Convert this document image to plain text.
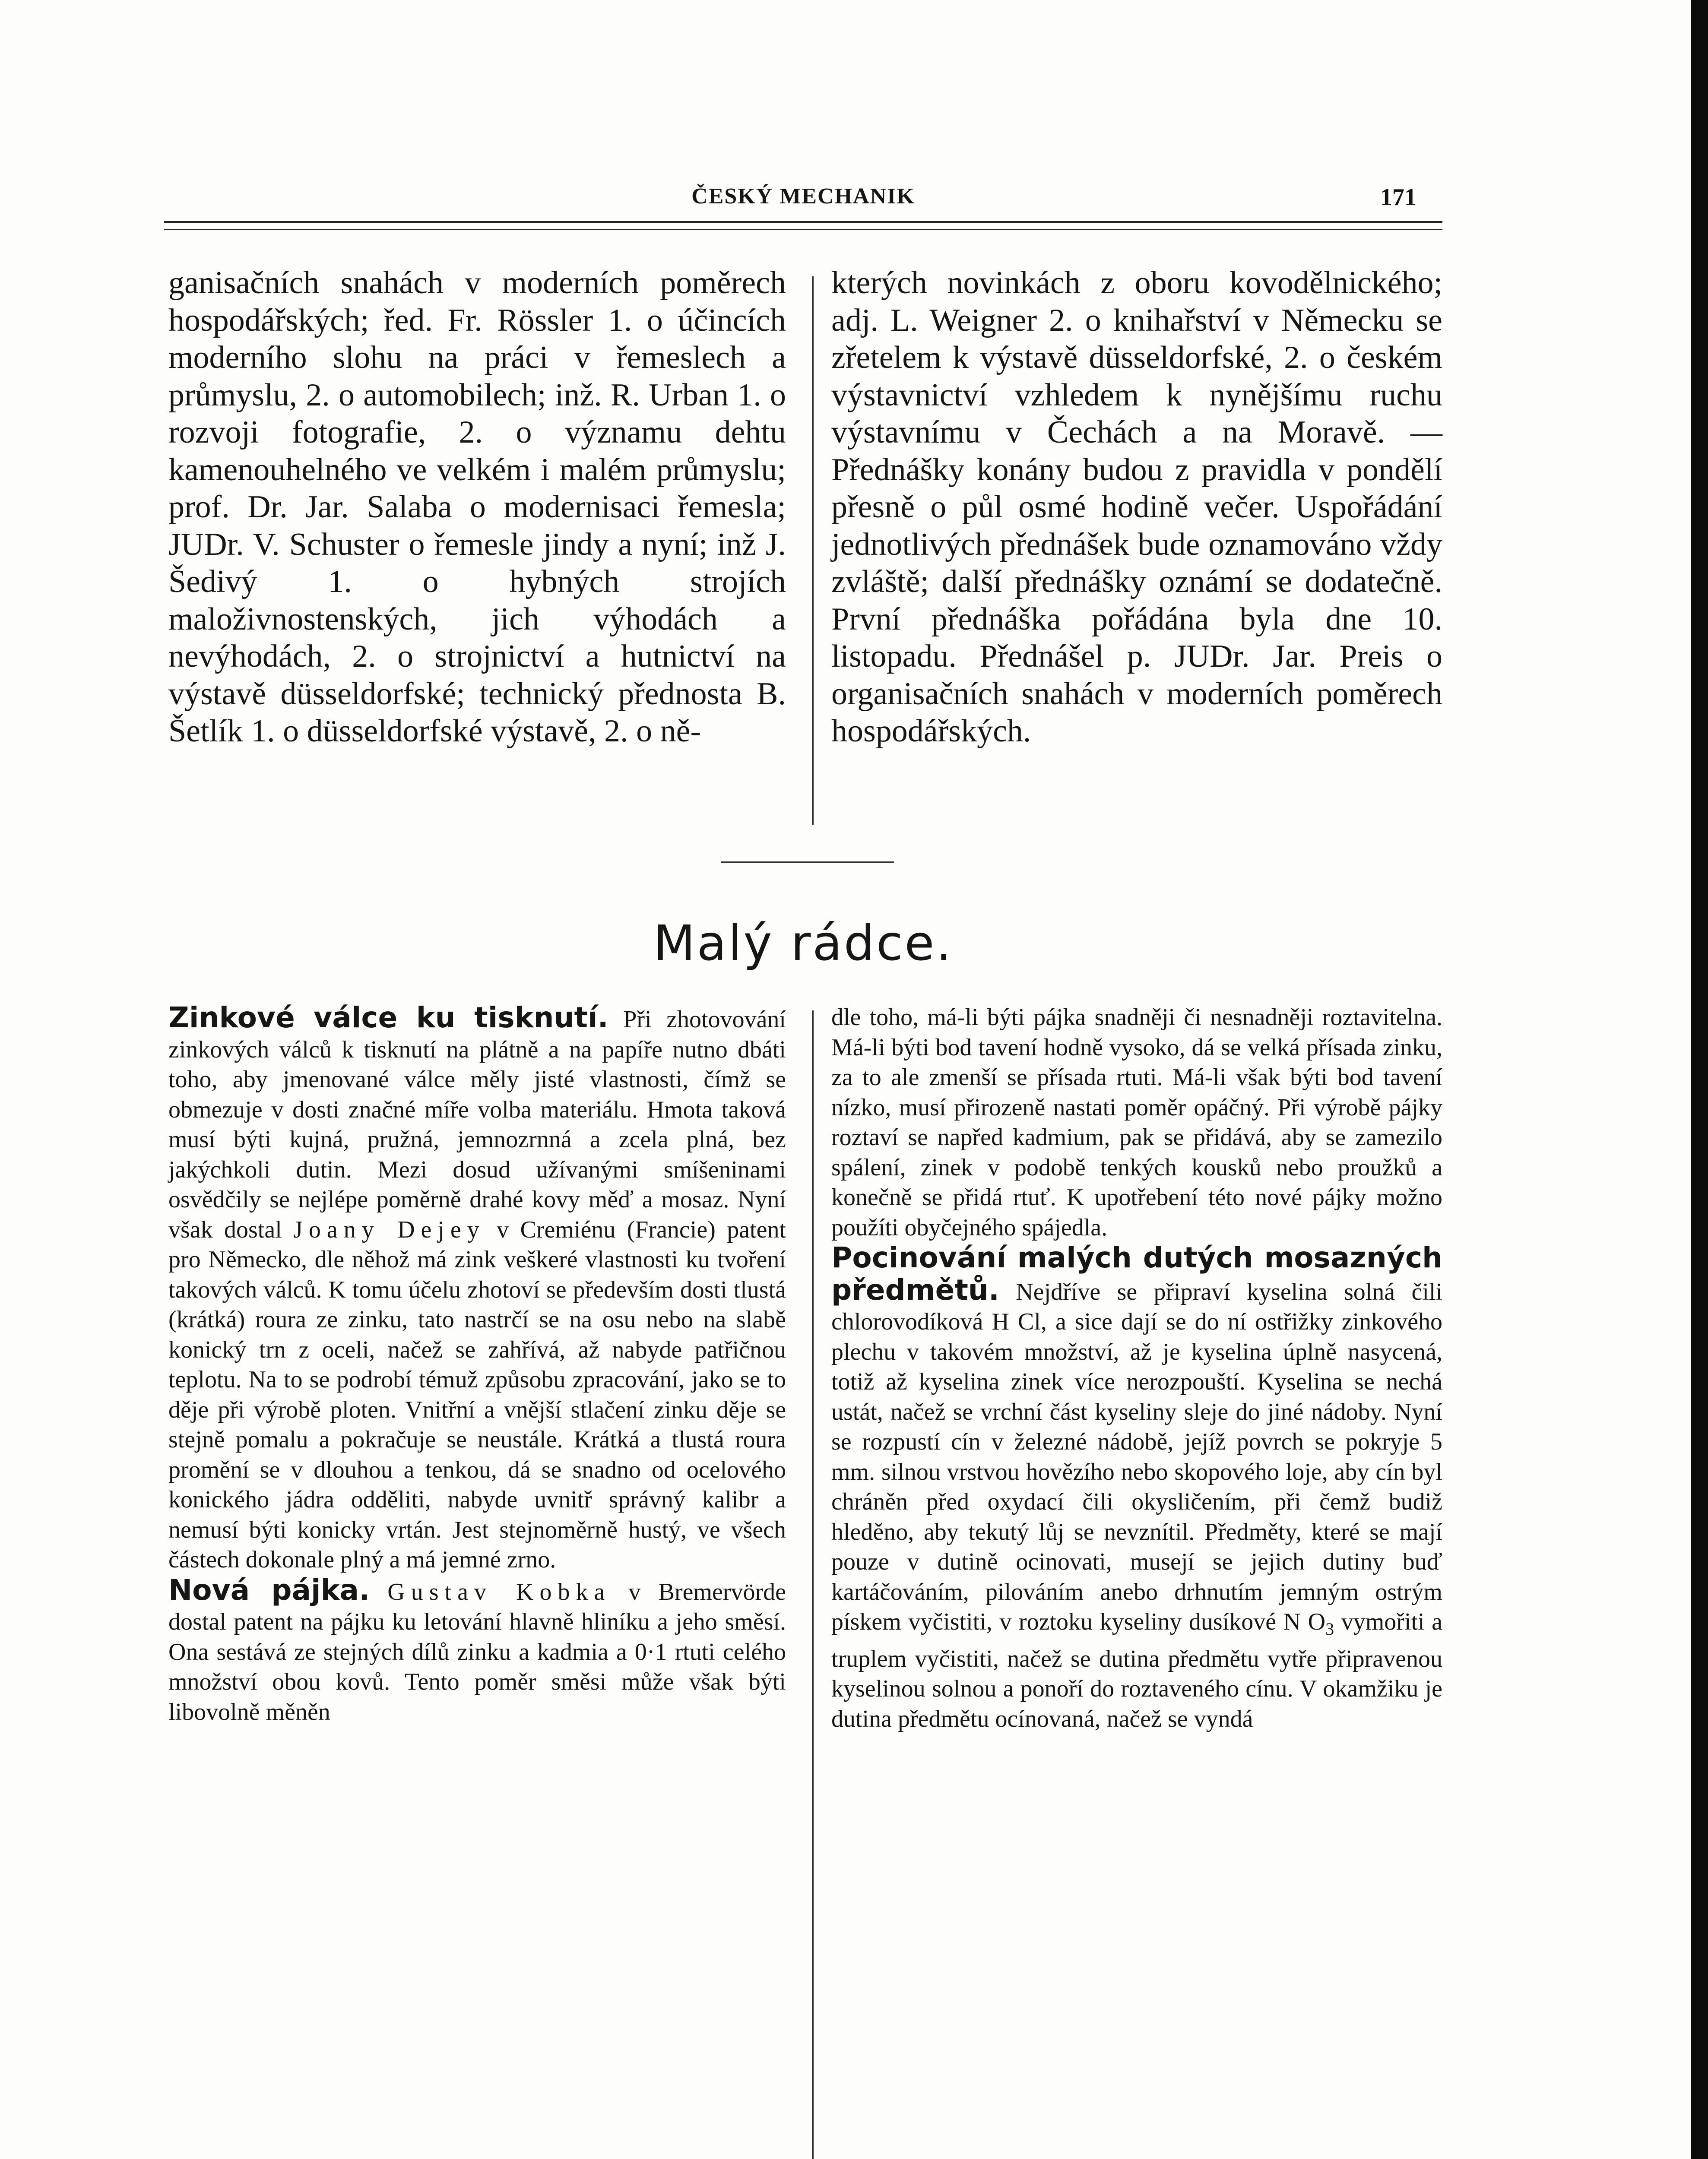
ČESKÝ MECHANIK	171

ganisačních snahách v moderních poměrech hospodářských; řed. Fr. Rössler 1. o účincích moderního slohu na práci v řemeslech a průmyslu, 2. o automobilech; inž. R. Urban 1. o rozvoji fotografie, 2. o významu dehtu kamenouhelného ve velkém i malém průmyslu; prof. Dr. Jar. Salaba o modernisaci řemesla; JUDr. V. Schuster o řemesle jindy a nyní; inž J. Šedivý 1. o hybných strojích maloživnostenských, jich výhodách a nevýhodách, 2. o strojnictví a hutnictví na výstavě düsseldorfské; technický přednosta B. Šetlík 1. o düsseldorfské výstavě, 2. o ně-

kterých novinkách z oboru kovodělnického; adj. L. Weigner 2. o knihařství v Německu se zřetelem k výstavě düsseldorfské, 2. o českém výstavnictví vzhledem k nynějšímu ruchu výstavnímu v Čechách a na Moravě. — Přednášky konány budou z pravidla v pondělí přesně o půl osmé hodině večer. Uspořádání jednotlivých přednášek bude oznamováno vždy zvláště; další přednášky oznámí se dodatečně. První přednáška pořádána byla dne 10. listopadu. Přednášel p. JUDr. Jar. Preis o organisačních snahách v moderních poměrech hospodářských.

Malý rádce.

Zinkové válce ku tisknutí. Při zhotovování zinkových válců k tisknutí na plátně a na papíře nutno dbáti toho, aby jmenované válce měly jisté vlastnosti, čímž se obmezuje v dosti značné míře volba materiálu. Hmota taková musí býti kujná, pružná, jemnozrnná a zcela plná, bez jakýchkoli dutin. Mezi dosud užívanými smíšeninami osvědčily se nejlépe poměrně drahé kovy měď a mosaz. Nyní však dostal Joany Dejey v Cremiénu (Francie) patent pro Německo, dle něhož má zink veškeré vlastnosti ku tvoření takových válců. K tomu účelu zhotoví se především dosti tlustá (krátká) roura ze zinku, tato nastrčí se na osu nebo na slabě konický trn z oceli, načež se zahřívá, až nabyde patřičnou teplotu. Na to se podrobí témuž způsobu zpracování, jako se to děje při výrobě ploten. Vnitřní a vnější stlačení zinku děje se stejně pomalu a pokračuje se neustále. Krátká a tlustá roura promění se v dlouhou a tenkou, dá se snadno od ocelového konického jádra odděliti, nabyde uvnitř správný kalibr a nemusí býti konicky vrtán. Jest stejnoměrně hustý, ve všech částech dokonale plný a má jemné zrno.

Nová pájka. Gustav Kobka v Bremervörde dostal patent na pájku ku letování hlavně hliníku a jeho směsí. Ona sestává ze stejných dílů zinku a kadmia a 0·1 rtuti celého množství obou kovů. Tento poměr směsi může však býti libovolně měněn

dle toho, má-li býti pájka snadněji či nesnadněji roztavitelna. Má-li býti bod tavení hodně vysoko, dá se velká přísada zinku, za to ale zmenší se přísada rtuti. Má-li však býti bod tavení nízko, musí přirozeně nastati poměr opáčný. Při výrobě pájky roztaví se napřed kadmium, pak se přidává, aby se zamezilo spálení, zinek v podobě tenkých kousků nebo proužků a konečně se přidá rtuť. K upotřebení této nové pájky možno použíti obyčejného spájedla.

Pocinování malých dutých mosazných předmětů. Nejdříve se připraví kyselina solná čili chlorovodíková H Cl, a sice dají se do ní ostřižky zinkového plechu v takovém množství, až je kyselina úplně nasycená, totiž až kyselina zinek více nerozpouští. Kyselina se nechá ustát, načež se vrchní část kyseliny sleje do jiné nádoby. Nyní se rozpustí cín v železné nádobě, jejíž povrch se pokryje 5 mm. silnou vrstvou hovězího nebo skopového loje, aby cín byl chráněn před oxydací čili okysličením, při čemž budiž hleděno, aby tekutý lůj se nevznítil. Předměty, které se mají pouze v dutině ocinovati, musejí se jejich dutiny buď kartáčováním, pilováním anebo drhnutím jemným ostrým pískem vyčistiti, v roztoku kyseliny dusíkové N $O_3$ vymořiti a truplem vyčistiti, načež se dutina předmětu vytře připravenou kyselinou solnou a ponoří do roztaveného cínu. V okamžiku je dutina předmětu ocínovaná, načež se vyndá
